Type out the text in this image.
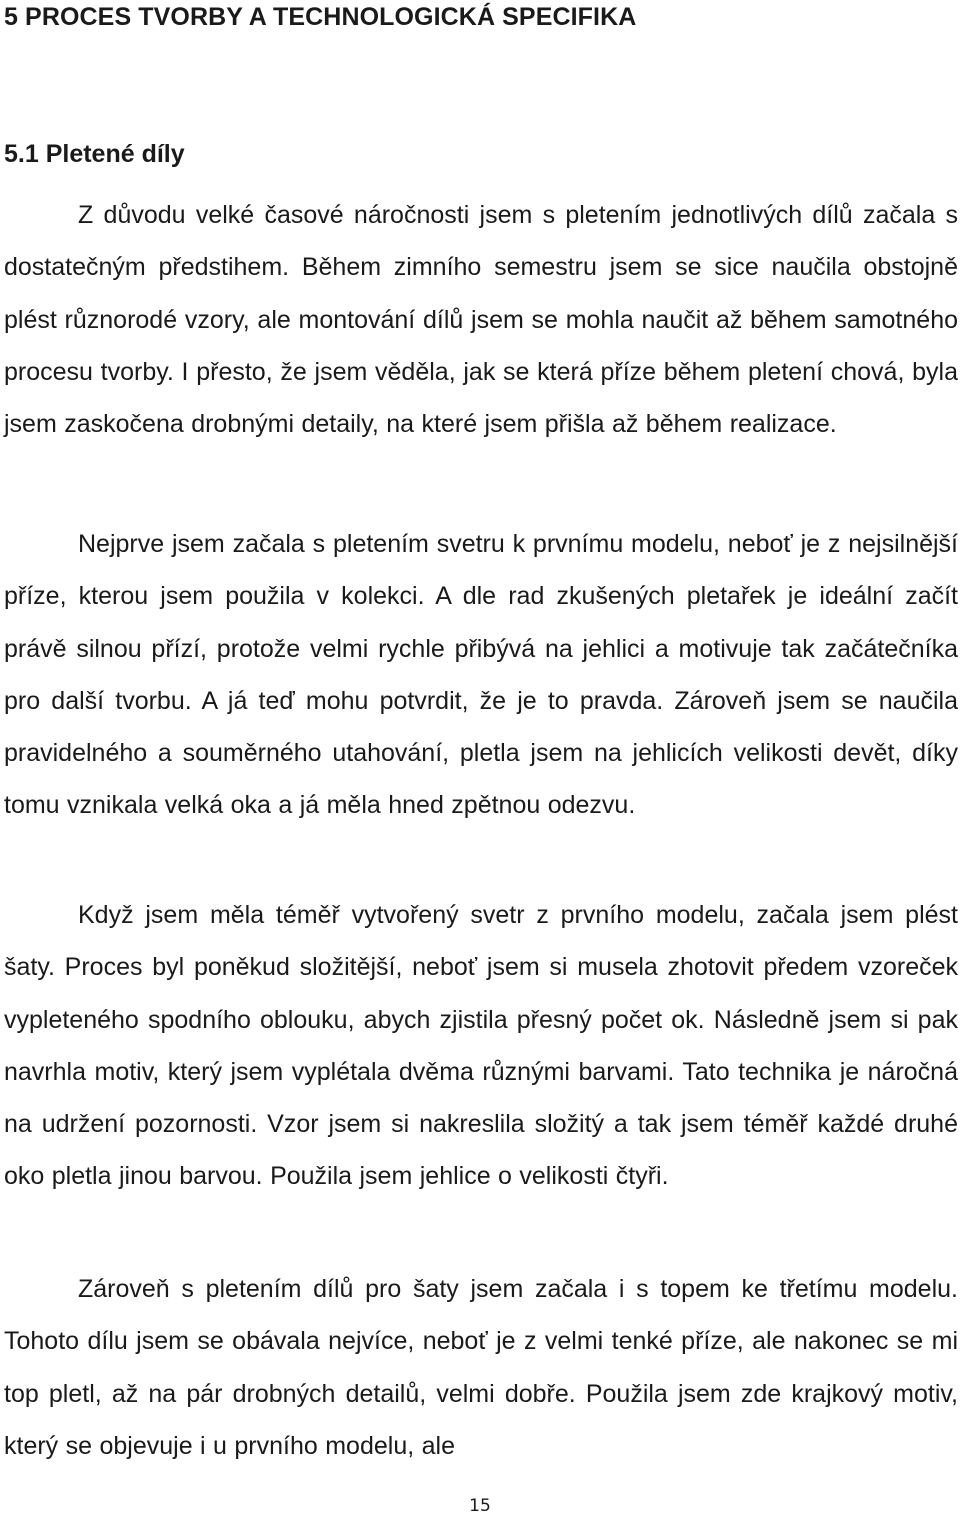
5 PROCES TVORBY A TECHNOLOGICKÁ SPECIFIKA
5.1 Pletené díly

Z důvodu velké časové náročnosti jsem s pletením jednotlivých dílů začala s dostatečným předstihem. Během zimního semestru jsem se sice naučila obstojně plést různorodé vzory, ale montování dílů jsem se mohla naučit až během samotného procesu tvorby. I přesto, že jsem věděla, jak se která příze během pletení chová, byla jsem zaskočena drobnými detaily, na které jsem přišla až během realizace.

Nejprve jsem začala s pletením svetru k prvnímu modelu, neboť je z nejsilnější příze, kterou jsem použila v kolekci. A dle rad zkušených pletařek je ideální začít právě silnou přízí, protože velmi rychle přibývá na jehlici a motivuje tak začátečníka pro další tvorbu. A já teď mohu potvrdit, že je to pravda. Zároveň jsem se naučila pravidelného a souměrného utahování, pletla jsem na jehlicích velikosti devět, díky tomu vznikala velká oka a já měla hned zpětnou odezvu.

Když jsem měla téměř vytvořený svetr z prvního modelu, začala jsem plést šaty. Proces byl poněkud složitější, neboť jsem si musela zhotovit předem vzoreček vypleteného spodního oblouku, abych zjistila přesný počet ok. Následně jsem si pak navrhla motiv, který jsem vyplétala dvěma různými barvami. Tato technika je náročná na udržení pozornosti. Vzor jsem si nakreslila složitý a tak jsem téměř každé druhé oko pletla jinou barvou. Použila jsem jehlice o velikosti čtyři.

Zároveň s pletením dílů pro šaty jsem začala i s topem ke třetímu modelu. Tohoto dílu jsem se obávala nejvíce, neboť je z velmi tenké příze, ale nakonec se mi top pletl, až na pár drobných detailů, velmi dobře. Použila jsem zde krajkový motiv, který se objevuje i u prvního modelu, ale

15
